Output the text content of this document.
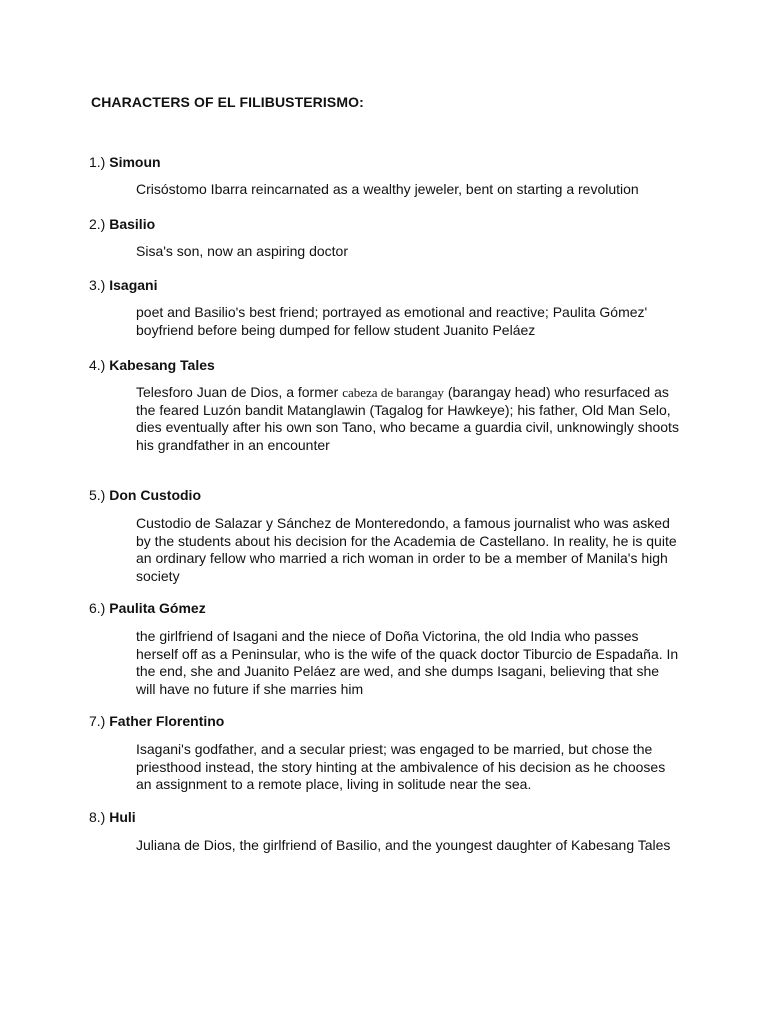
CHARACTERS OF EL FILIBUSTERISMO:
1.) Simoun
Crisóstomo Ibarra reincarnated as a wealthy jeweler, bent on starting a revolution
2.) Basilio
Sisa's son, now an aspiring doctor
3.) Isagani
poet and Basilio's best friend; portrayed as emotional and reactive; Paulita Gómez' boyfriend before being dumped for fellow student Juanito Peláez
4.) Kabesang Tales
Telesforo Juan de Dios, a former cabeza de barangay (barangay head) who resurfaced as the feared Luzón bandit Matanglawin (Tagalog for Hawkeye); his father, Old Man Selo, dies eventually after his own son Tano, who became a guardia civil, unknowingly shoots his grandfather in an encounter
5.) Don Custodio
Custodio de Salazar y Sánchez de Monteredondo, a famous journalist who was asked by the students about his decision for the Academia de Castellano. In reality, he is quite an ordinary fellow who married a rich woman in order to be a member of Manila's high society
6.) Paulita Gómez
the girlfriend of Isagani and the niece of Doña Victorina, the old India who passes herself off as a Peninsular, who is the wife of the quack doctor Tiburcio de Espadaña. In the end, she and Juanito Peláez are wed, and she dumps Isagani, believing that she will have no future if she marries him
7.) Father Florentino
Isagani's godfather, and a secular priest; was engaged to be married, but chose the priesthood instead, the story hinting at the ambivalence of his decision as he chooses an assignment to a remote place, living in solitude near the sea.
8.) Huli
Juliana de Dios, the girlfriend of Basilio, and the youngest daughter of Kabesang Tales
